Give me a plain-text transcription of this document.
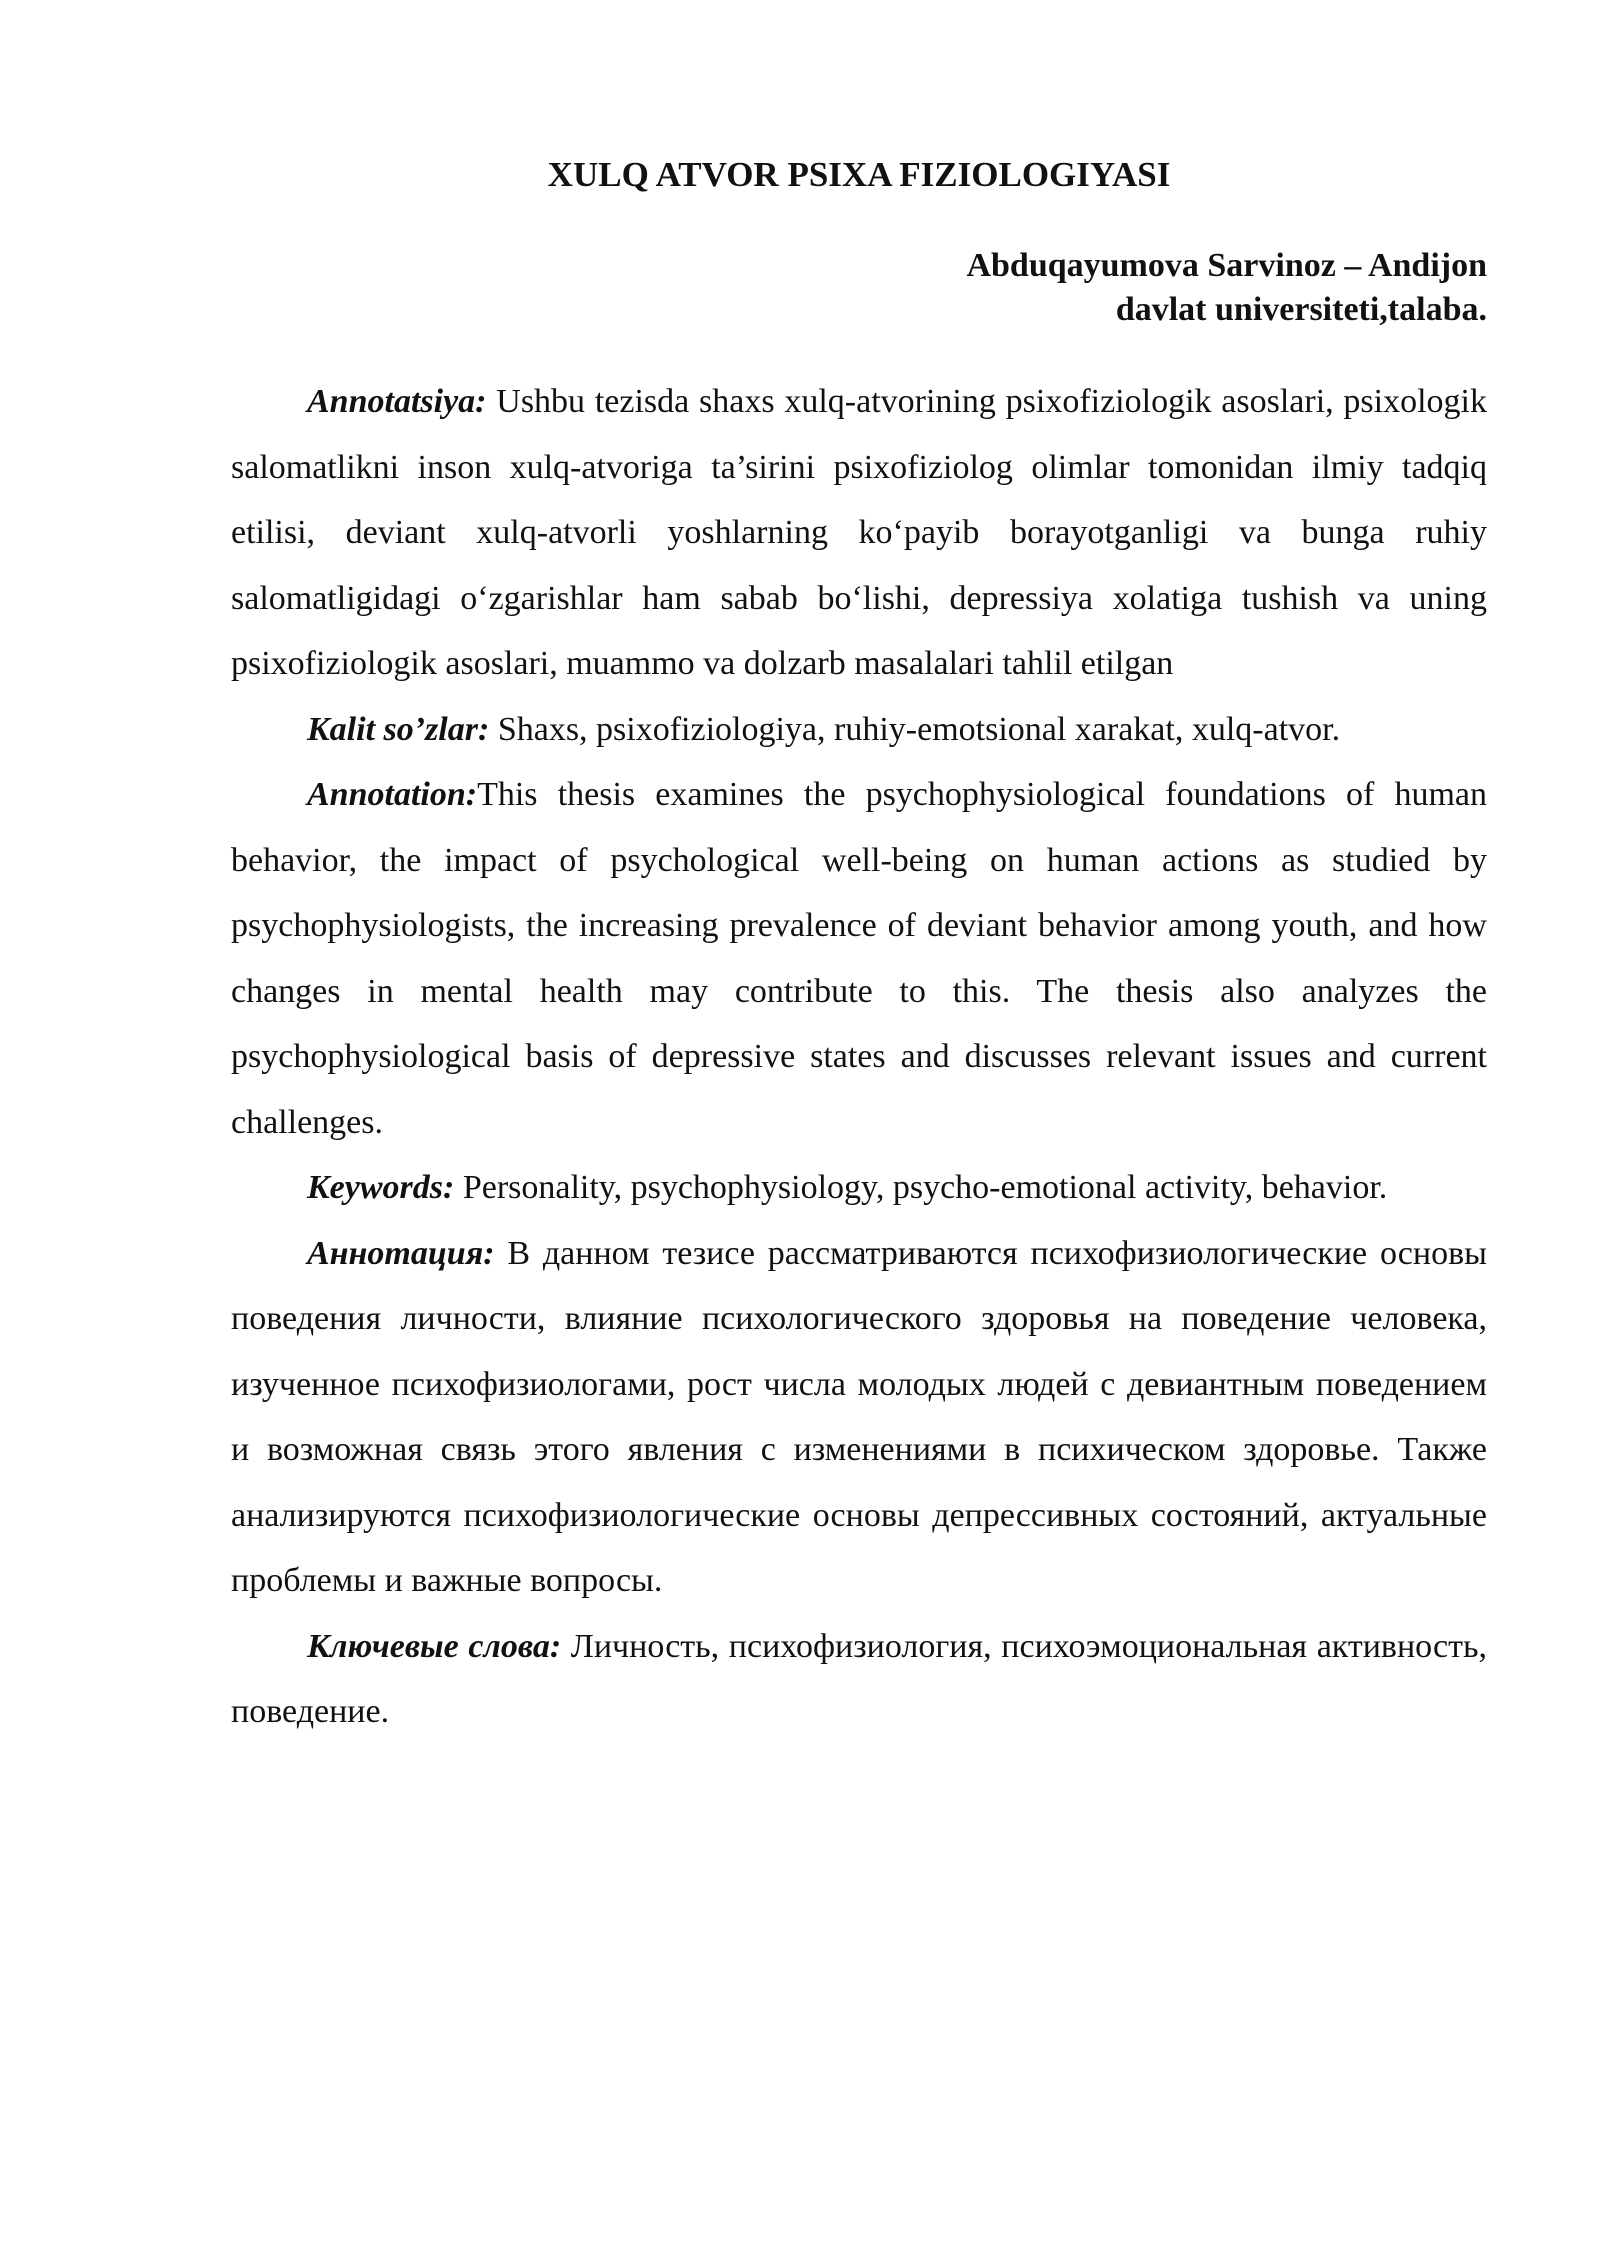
XULQ ATVOR PSIXA FIZIOLOGIYASI
Abduqayumova Sarvinoz – Andijon
davlat universiteti,talaba.

Annotatsiya: Ushbu tezisda shaxs xulq-atvorining psixofiziologik asoslari, psixologik salomatlikni inson xulq-atvoriga ta’sirini psixofiziolog olimlar tomonidan ilmiy tadqiq etilisi, deviant xulq-atvorli yoshlarning ko‘payib borayotganligi va bunga ruhiy salomatligidagi o‘zgarishlar ham sabab bo‘lishi, depressiya xolatiga tushish va uning psixofiziologik asoslari, muammo va dolzarb masalalari tahlil etilgan

Kalit so’zlar: Shaxs, psixofiziologiya, ruhiy-emotsional xarakat, xulq-atvor.

Annotation:This thesis examines the psychophysiological foundations of human behavior, the impact of psychological well-being on human actions as studied by psychophysiologists, the increasing prevalence of deviant behavior among youth, and how changes in mental health may contribute to this. The thesis also analyzes the psychophysiological basis of depressive states and discusses relevant issues and current challenges.

Keywords: Personality, psychophysiology, psycho-emotional activity, behavior.

Аннотация: В данном тезисе рассматриваются психофизиологические основы поведения личности, влияние психологического здоровья на поведение человека, изученное психофизиологами, рост числа молодых людей с девиантным поведением и возможная связь этого явления с изменениями в психическом здоровье. Также анализируются психофизиологические основы депрессивных состояний, актуальные проблемы и важные вопросы.

Ключевые слова: Личность, психофизиология, психоэмоциональная активность, поведение.
